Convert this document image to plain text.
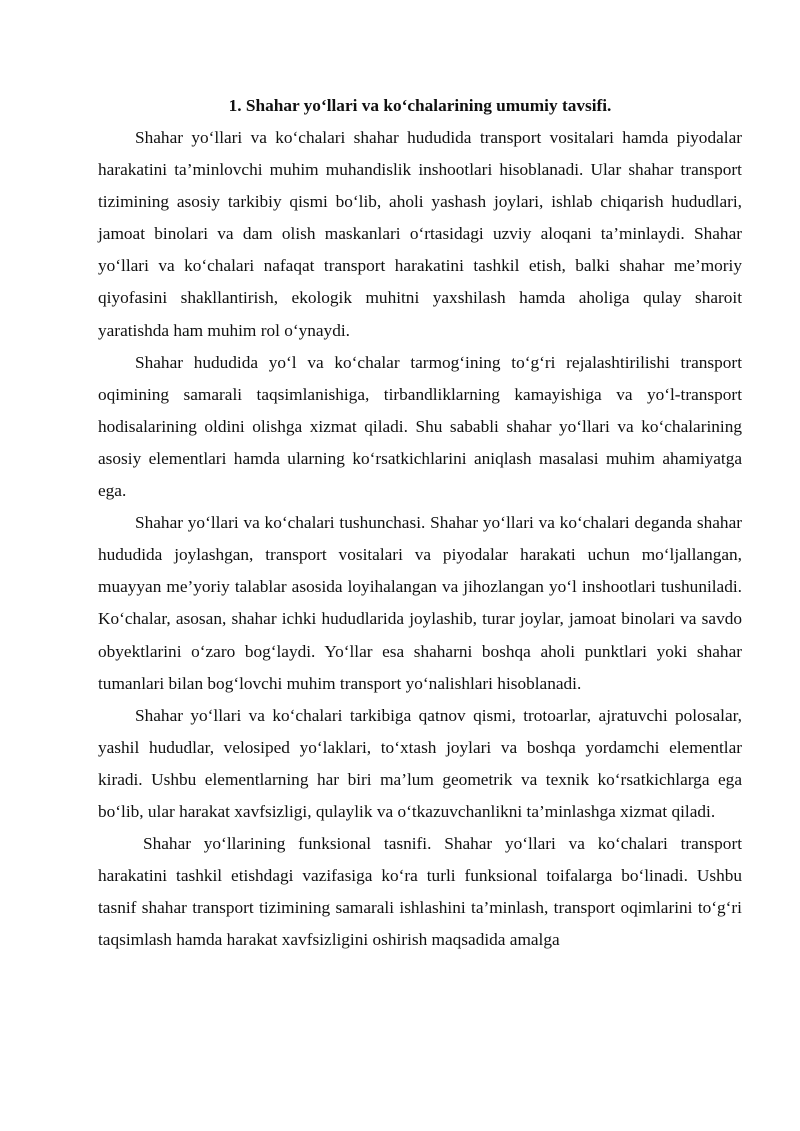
1. Shahar yo‘llari va ko‘chalarining umumiy tavsifi.

Shahar yo‘llari va ko‘chalari shahar hududida transport vositalari hamda piyodalar harakatini ta’minlovchi muhim muhandislik inshootlari hisoblanadi. Ular shahar transport tizimining asosiy tarkibiy qismi bo‘lib, aholi yashash joylari, ishlab chiqarish hududlari, jamoat binolari va dam olish maskanlari o‘rtasidagi uzviy aloqani ta’minlaydi. Shahar yo‘llari va ko‘chalari nafaqat transport harakatini tashkil etish, balki shahar me’moriy qiyofasini shakllantirish, ekologik muhitni yaxshilash hamda aholiga qulay sharoit yaratishda ham muhim rol o‘ynaydi.

Shahar hududida yo‘l va ko‘chalar tarmog‘ining to‘g‘ri rejalashtirilishi transport oqimining samarali taqsimlanishiga, tirbandliklarning kamayishiga va yo‘l-transport hodisalarining oldini olishga xizmat qiladi. Shu sababli shahar yo‘llari va ko‘chalarining asosiy elementlari hamda ularning ko‘rsatkichlarini aniqlash masalasi muhim ahamiyatga ega.

Shahar yo‘llari va ko‘chalari tushunchasi. Shahar yo‘llari va ko‘chalari deganda shahar hududida joylashgan, transport vositalari va piyodalar harakati uchun mo‘ljallangan, muayyan me’yoriy talablar asosida loyihalangan va jihozlangan yo‘l inshootlari tushuniladi. Ko‘chalar, asosan, shahar ichki hududlarida joylashib, turar joylar, jamoat binolari va savdo obyektlarini o‘zaro bog‘laydi. Yo‘llar esa shaharni boshqa aholi punktlari yoki shahar tumanlari bilan bog‘lovchi muhim transport yo‘nalishlari hisoblanadi.

Shahar yo‘llari va ko‘chalari tarkibiga qatnov qismi, trotoarlar, ajratuvchi polosalar, yashil hududlar, velosiped yo‘laklari, to‘xtash joylari va boshqa yordamchi elementlar kiradi. Ushbu elementlarning har biri ma’lum geometrik va texnik ko‘rsatkichlarga ega bo‘lib, ular harakat xavfsizligi, qulaylik va o‘tkazuvchanlikni ta’minlashga xizmat qiladi.

Shahar yo‘llarining funksional tasnifi. Shahar yo‘llari va ko‘chalari transport harakatini tashkil etishdagi vazifasiga ko‘ra turli funksional toifalarga bo‘linadi. Ushbu tasnif shahar transport tizimining samarali ishlashini ta’minlash, transport oqimlarini to‘g‘ri taqsimlash hamda harakat xavfsizligini oshirish maqsadida amalga
